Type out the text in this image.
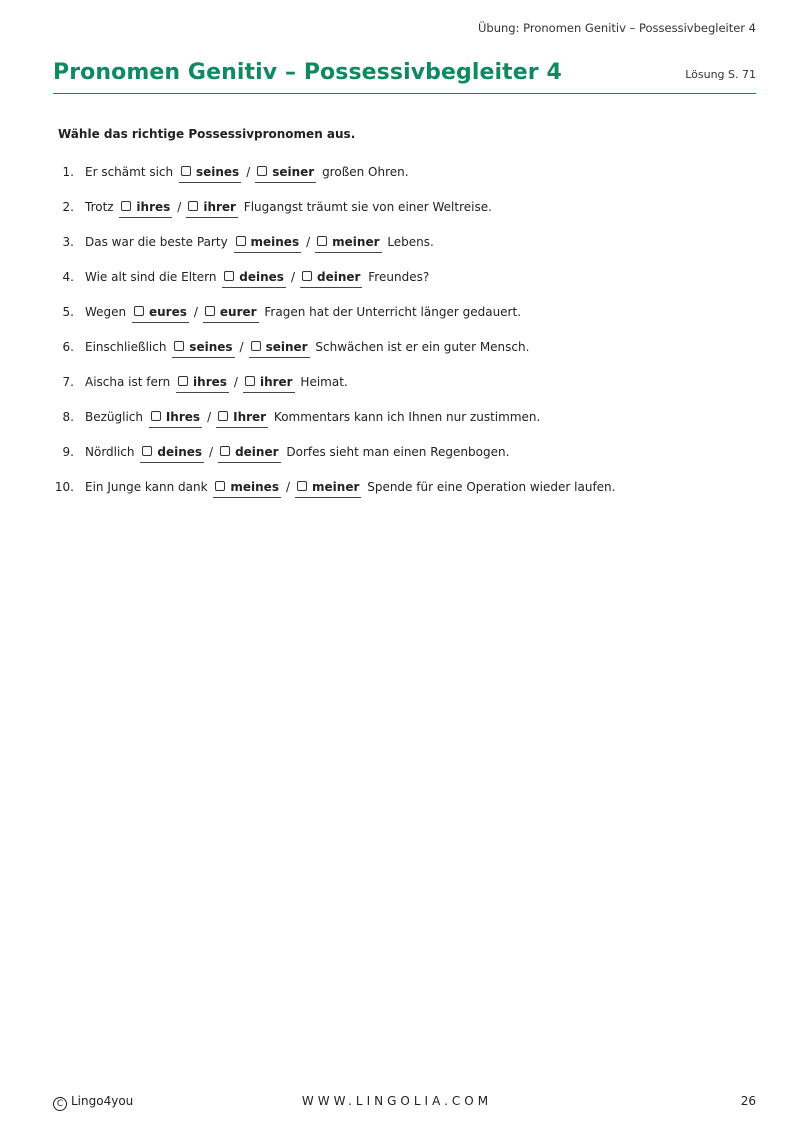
Übung: Pronomen Genitiv – Possessivbegleiter 4
Pronomen Genitiv – Possessivbegleiter 4	Lösung S. 71
Wähle das richtige Possessivpronomen aus.
1. Er schämt sich seines / seiner großen Ohren.
2. Trotz ihres / ihrer Flugangst träumt sie von einer Weltreise.
3. Das war die beste Party meines / meiner Lebens.
4. Wie alt sind die Eltern deines / deiner Freundes?
5. Wegen eures / eurer Fragen hat der Unterricht länger gedauert.
6. Einschließlich seines / seiner Schwächen ist er ein guter Mensch.
7. Aischa ist fern ihres / ihrer Heimat.
8. Bezüglich Ihres / Ihrer Kommentars kann ich Ihnen nur zustimmen.
9. Nördlich deines / deiner Dorfes sieht man einen Regenbogen.
10. Ein Junge kann dank meines / meiner Spende für eine Operation wieder laufen.
C Lingo4you	WWW.LINGOLIA.COM	26
